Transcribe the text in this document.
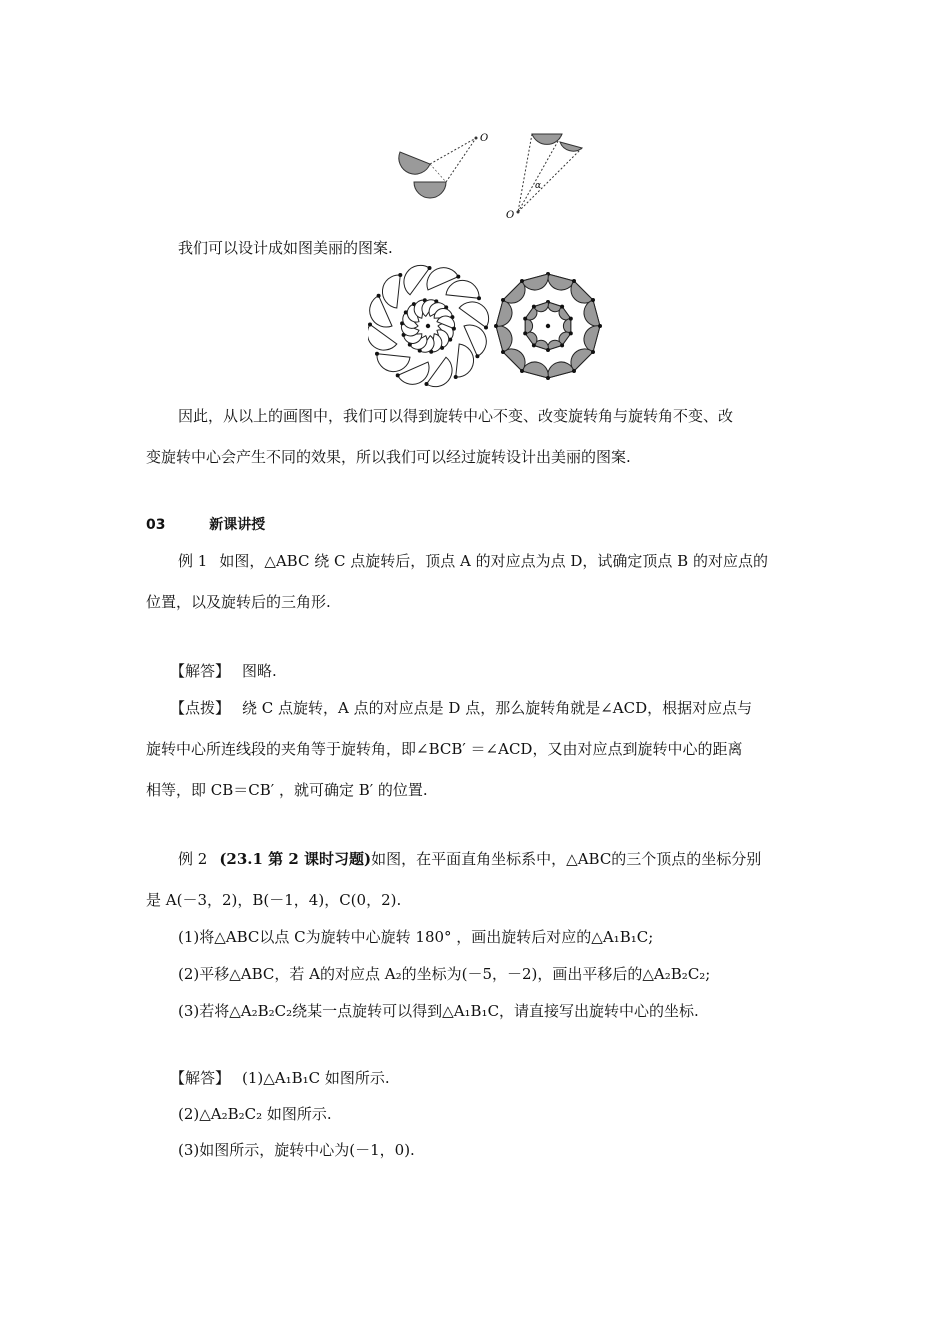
O
O
α
我们可以设计成如图美丽的图案.
因此，从以上的画图中，我们可以得到旋转中心不变、改变旋转角与旋转角不变、改
变旋转中心会产生不同的效果，所以我们可以经过旋转设计出美丽的图案.
03	新课讲授
例 1 如图，△ABC 绕 C 点旋转后，顶点 A 的对应点为点 D，试确定顶点 B 的对应点的
位置，以及旋转后的三角形.
【解答】 图略.
【点拨】 绕 C 点旋转，A 点的对应点是 D 点，那么旋转角就是∠ACD，根据对应点与
旋转中心所连线段的夹角等于旋转角，即∠BCB′ ＝∠ACD，又由对应点到旋转中心的距离
相等，即 CB＝CB′ ，就可确定 B′ 的位置.
例 2 (23.1 第 2 课时习题)如图，在平面直角坐标系中，△ABC的三个顶点的坐标分别
是 A(－3，2)，B(－1，4)，C(0，2).
(1)将△ABC以点 C为旋转中心旋转 180° ，画出旋转后对应的△A₁B₁C;
(2)平移△ABC，若 A的对应点 A₂的坐标为(－5，－2)，画出平移后的△A₂B₂C₂;
(3)若将△A₂B₂C₂绕某一点旋转可以得到△A₁B₁C，请直接写出旋转中心的坐标.
【解答】 (1)△A₁B₁C 如图所示.
(2)△A₂B₂C₂ 如图所示.
(3)如图所示，旋转中心为(－1，0).
